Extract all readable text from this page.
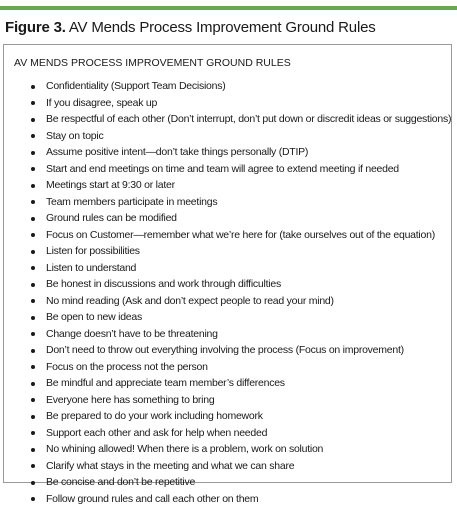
Figure 3. AV Mends Process Improvement Ground Rules
AV MENDS PROCESS IMPROVEMENT GROUND RULES
Confidentiality (Support Team Decisions)
If you disagree, speak up
Be respectful of each other (Don’t interrupt, don’t put down or discredit ideas or suggestions)
Stay on topic
Assume positive intent—don’t take things personally (DTIP)
Start and end meetings on time and team will agree to extend meeting if needed
Meetings start at 9:30 or later
Team members participate in meetings
Ground rules can be modified
Focus on Customer—remember what we’re here for (take ourselves out of the equation)
Listen for possibilities
Listen to understand
Be honest in discussions and work through difficulties
No mind reading (Ask and don’t expect people to read your mind)
Be open to new ideas
Change doesn’t have to be threatening
Don’t need to throw out everything involving the process (Focus on improvement)
Focus on the process not the person
Be mindful and appreciate team member’s differences
Everyone here has something to bring
Be prepared to do your work including homework
Support each other and ask for help when needed
No whining allowed! When there is a problem, work on solution
Clarify what stays in the meeting and what we can share
Be concise and don’t be repetitive
Follow ground rules and call each other on them
